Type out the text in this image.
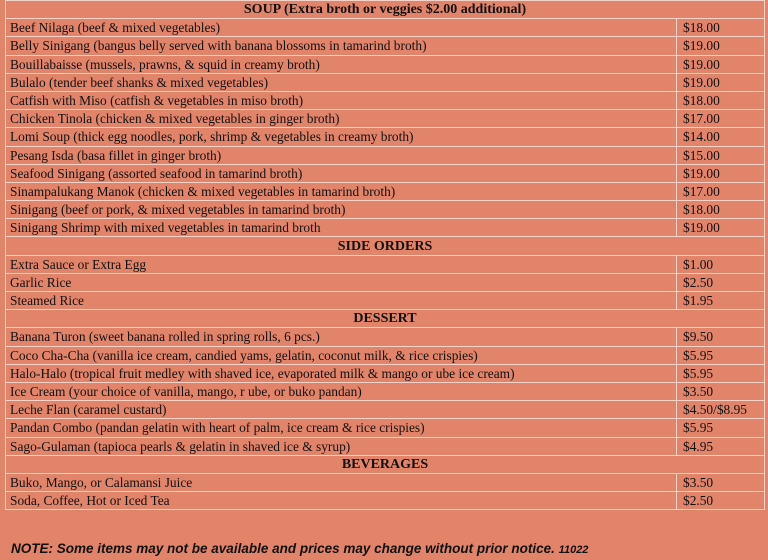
SOUP (Extra broth or veggies $2.00 additional)	
Beef Nilaga (beef & mixed vegetables)	$18.00
Belly Sinigang (bangus belly served with banana blossoms in tamarind broth)	$19.00
Bouillabaisse (mussels, prawns, & squid in creamy broth)	$19.00
Bulalo (tender beef shanks & mixed vegetables)	$19.00
Catfish with Miso (catfish & vegetables in miso broth)	$18.00
Chicken Tinola (chicken & mixed vegetables in ginger broth)	$17.00
Lomi Soup (thick egg noodles, pork, shrimp & vegetables in creamy broth)	$14.00
Pesang Isda (basa fillet in ginger broth)	$15.00
Seafood Sinigang (assorted seafood in tamarind broth)	$19.00
Sinampalukang Manok (chicken & mixed vegetables in tamarind broth)	$17.00
Sinigang (beef or pork, & mixed vegetables in tamarind broth)	$18.00
Sinigang Shrimp with mixed vegetables in tamarind broth	$19.00
SIDE ORDERS	
Extra Sauce or Extra Egg	$1.00
Garlic Rice	$2.50
Steamed Rice	$1.95
DESSERT	
Banana Turon (sweet banana rolled in spring rolls, 6 pcs.)	$9.50
Coco Cha-Cha (vanilla ice cream, candied yams, gelatin, coconut milk, & rice crispies)	$5.95
Halo-Halo (tropical fruit medley with shaved ice, evaporated milk & mango or ube ice cream)	$5.95
Ice Cream (your choice of vanilla, mango, r ube, or buko pandan)	$3.50
Leche Flan (caramel custard)	$4.50/$8.95
Pandan Combo (pandan gelatin with heart of palm, ice cream & rice crispies)	$5.95
Sago-Gulaman (tapioca pearls & gelatin in shaved ice & syrup)	$4.95
BEVERAGES	
Buko, Mango, or Calamansi Juice	$3.50
Soda, Coffee, Hot or Iced Tea	$2.50
NOTE: Some items may not be available and prices may change without prior notice. 11022
